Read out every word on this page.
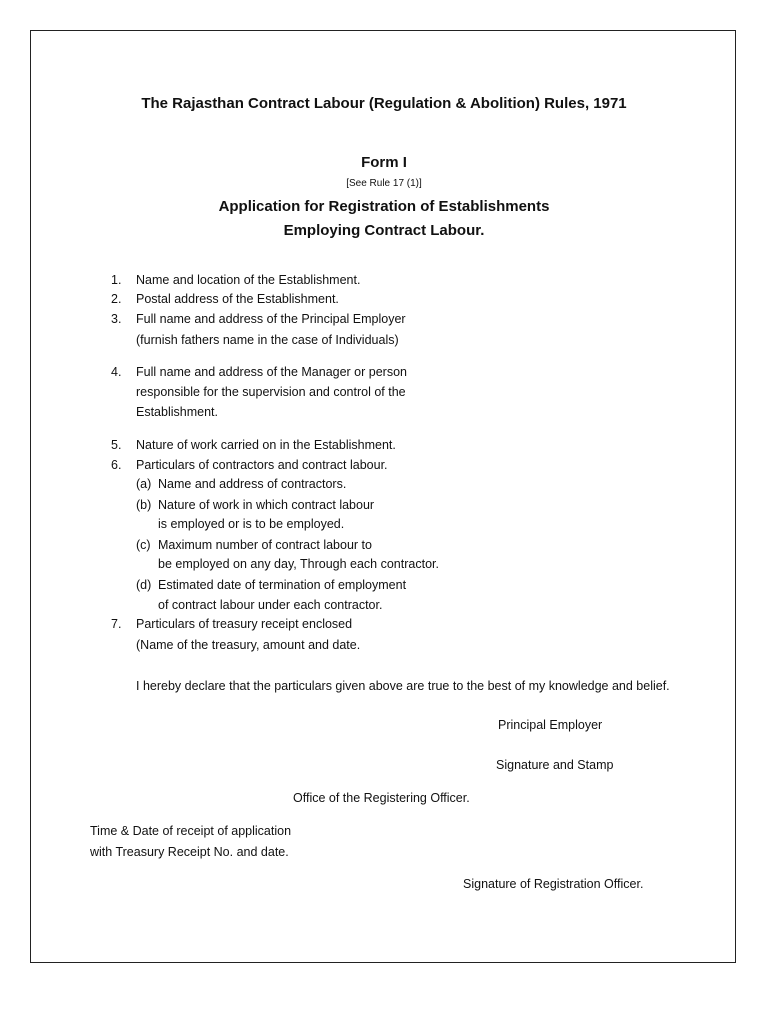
The Rajasthan Contract Labour (Regulation & Abolition) Rules, 1971
Form I
[See Rule 17 (1)]
Application for Registration of Establishments
Employing Contract Labour.
1. Name and location of the Establishment.
2. Postal address of the Establishment.
3. Full name and address of the Principal Employer
(furnish fathers name in the case of Individuals)
4. Full name and address of the Manager or person
responsible for the supervision and control of the
Establishment.
5. Nature of work carried on in the Establishment.
6. Particulars of contractors and contract labour.
(a) Name and address of contractors.
(b) Nature of work in which contract labour
is employed or is to be employed.
(c) Maximum number of contract labour to
be employed on any day, Through each contractor.
(d) Estimated date of termination of employment
of contract labour under each contractor.
7. Particulars of treasury receipt enclosed
(Name of the treasury, amount and date.
I hereby declare that the particulars given above are true to the best of my knowledge and belief.
Principal Employer
Signature and Stamp
Office of the Registering Officer.
Time & Date of receipt of application
with Treasury Receipt No. and date.
Signature of Registration Officer.
